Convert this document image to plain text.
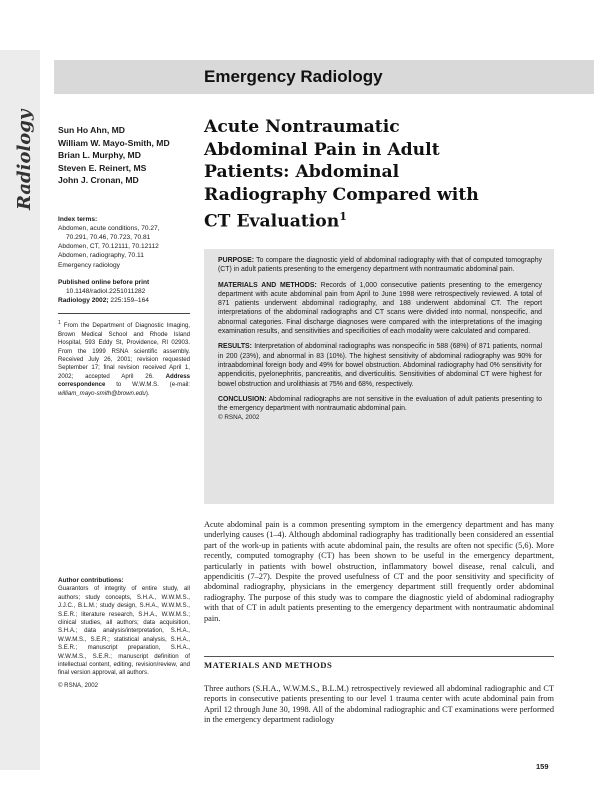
Radiology
Emergency Radiology
Sun Ho Ahn, MD
William W. Mayo-Smith, MD
Brian L. Murphy, MD
Steven E. Reinert, MS
John J. Cronan, MD
Index terms:
Abdomen, acute conditions, 70.27,
70.291, 70.46, 70.723, 70.81
Abdomen, CT, 70.12111, 70.12112
Abdomen, radiography, 70.11
Emergency radiology
Published online before print
10.1148/radiol.2251011282
Radiology 2002; 225:159–164
$^1$ From the Department of Diagnostic Imaging, Brown Medical School and Rhode Island Hospital, 593 Eddy St, Providence, RI 02903. From the 1999 RSNA scientific assembly. Received July 26, 2001; revision requested September 17; final revision received April 1, 2002; accepted April 26. Address correspondence to W.W.M.S. (e-mail: william_mayo-smith@brown.edu).
Author contributions:
Guarantors of integrity of entire study, all authors; study concepts, S.H.A., W.W.M.S., J.J.C., B.L.M.; study design, S.H.A., W.W.M.S., S.E.R.; literature research, S.H.A., W.W.M.S.; clinical studies, all authors; data acquisition, S.H.A.; data analysis/interpretation, S.H.A., W.W.M.S., S.E.R.; statistical analysis, S.H.A., S.E.R.; manuscript preparation, S.H.A., W.W.M.S., S.E.R.; manuscript definition of intellectual content, editing, revision/review, and final version approval, all authors.
© RSNA, 2002
Acute Nontraumatic Abdominal Pain in Adult Patients: Abdominal Radiography Compared with CT Evaluation$^1$

PURPOSE: To compare the diagnostic yield of abdominal radiography with that of computed tomography (CT) in adult patients presenting to the emergency department with nontraumatic abdominal pain.

MATERIALS AND METHODS: Records of 1,000 consecutive patients presenting to the emergency department with acute abdominal pain from April to June 1998 were retrospectively reviewed. A total of 871 patients underwent abdominal radiography, and 188 underwent abdominal CT. The report interpretations of the abdominal radiographs and CT scans were divided into normal, nonspecific, and abnormal categories. Final discharge diagnoses were compared with the interpretations of the imaging examination results, and sensitivities and specificities of each modality were calculated and compared.

RESULTS: Interpretation of abdominal radiographs was nonspecific in 588 (68%) of 871 patients, normal in 200 (23%), and abnormal in 83 (10%). The highest sensitivity of abdominal radiography was 90% for intraabdominal foreign body and 49% for bowel obstruction. Abdominal radiography had 0% sensitivity for appendicitis, pyelonephritis, pancreatitis, and diverticulitis. Sensitivities of abdominal CT were highest for bowel obstruction and urolithiasis at 75% and 68%, respectively.

CONCLUSION: Abdominal radiographs are not sensitive in the evaluation of adult patients presenting to the emergency department with nontraumatic abdominal pain.
© RSNA, 2002

Acute abdominal pain is a common presenting symptom in the emergency department and has many underlying causes (1–4). Although abdominal radiography has traditionally been considered an essential part of the work-up in patients with acute abdominal pain, the results are often not specific (5,6). More recently, computed tomography (CT) has been shown to be useful in the emergency department, particularly in patients with bowel obstruction, inflammatory bowel disease, renal calculi, and appendicitis (7–27). Despite the proved usefulness of CT and the poor sensitivity and specificity of abdominal radiography, physicians in the emergency department still frequently order abdominal radiography. The purpose of this study was to compare the diagnostic yield of abdominal radiography with that of CT in adult patients presenting to the emergency department with nontraumatic abdominal pain.
MATERIALS AND METHODS
Three authors (S.H.A., W.W.M.S., B.L.M.) retrospectively reviewed all abdominal radiographic and CT reports in consecutive patients presenting to our level 1 trauma center with acute abdominal pain from April 12 through June 30, 1998. All of the abdominal radiographic and CT examinations were performed in the emergency department radiology
159
